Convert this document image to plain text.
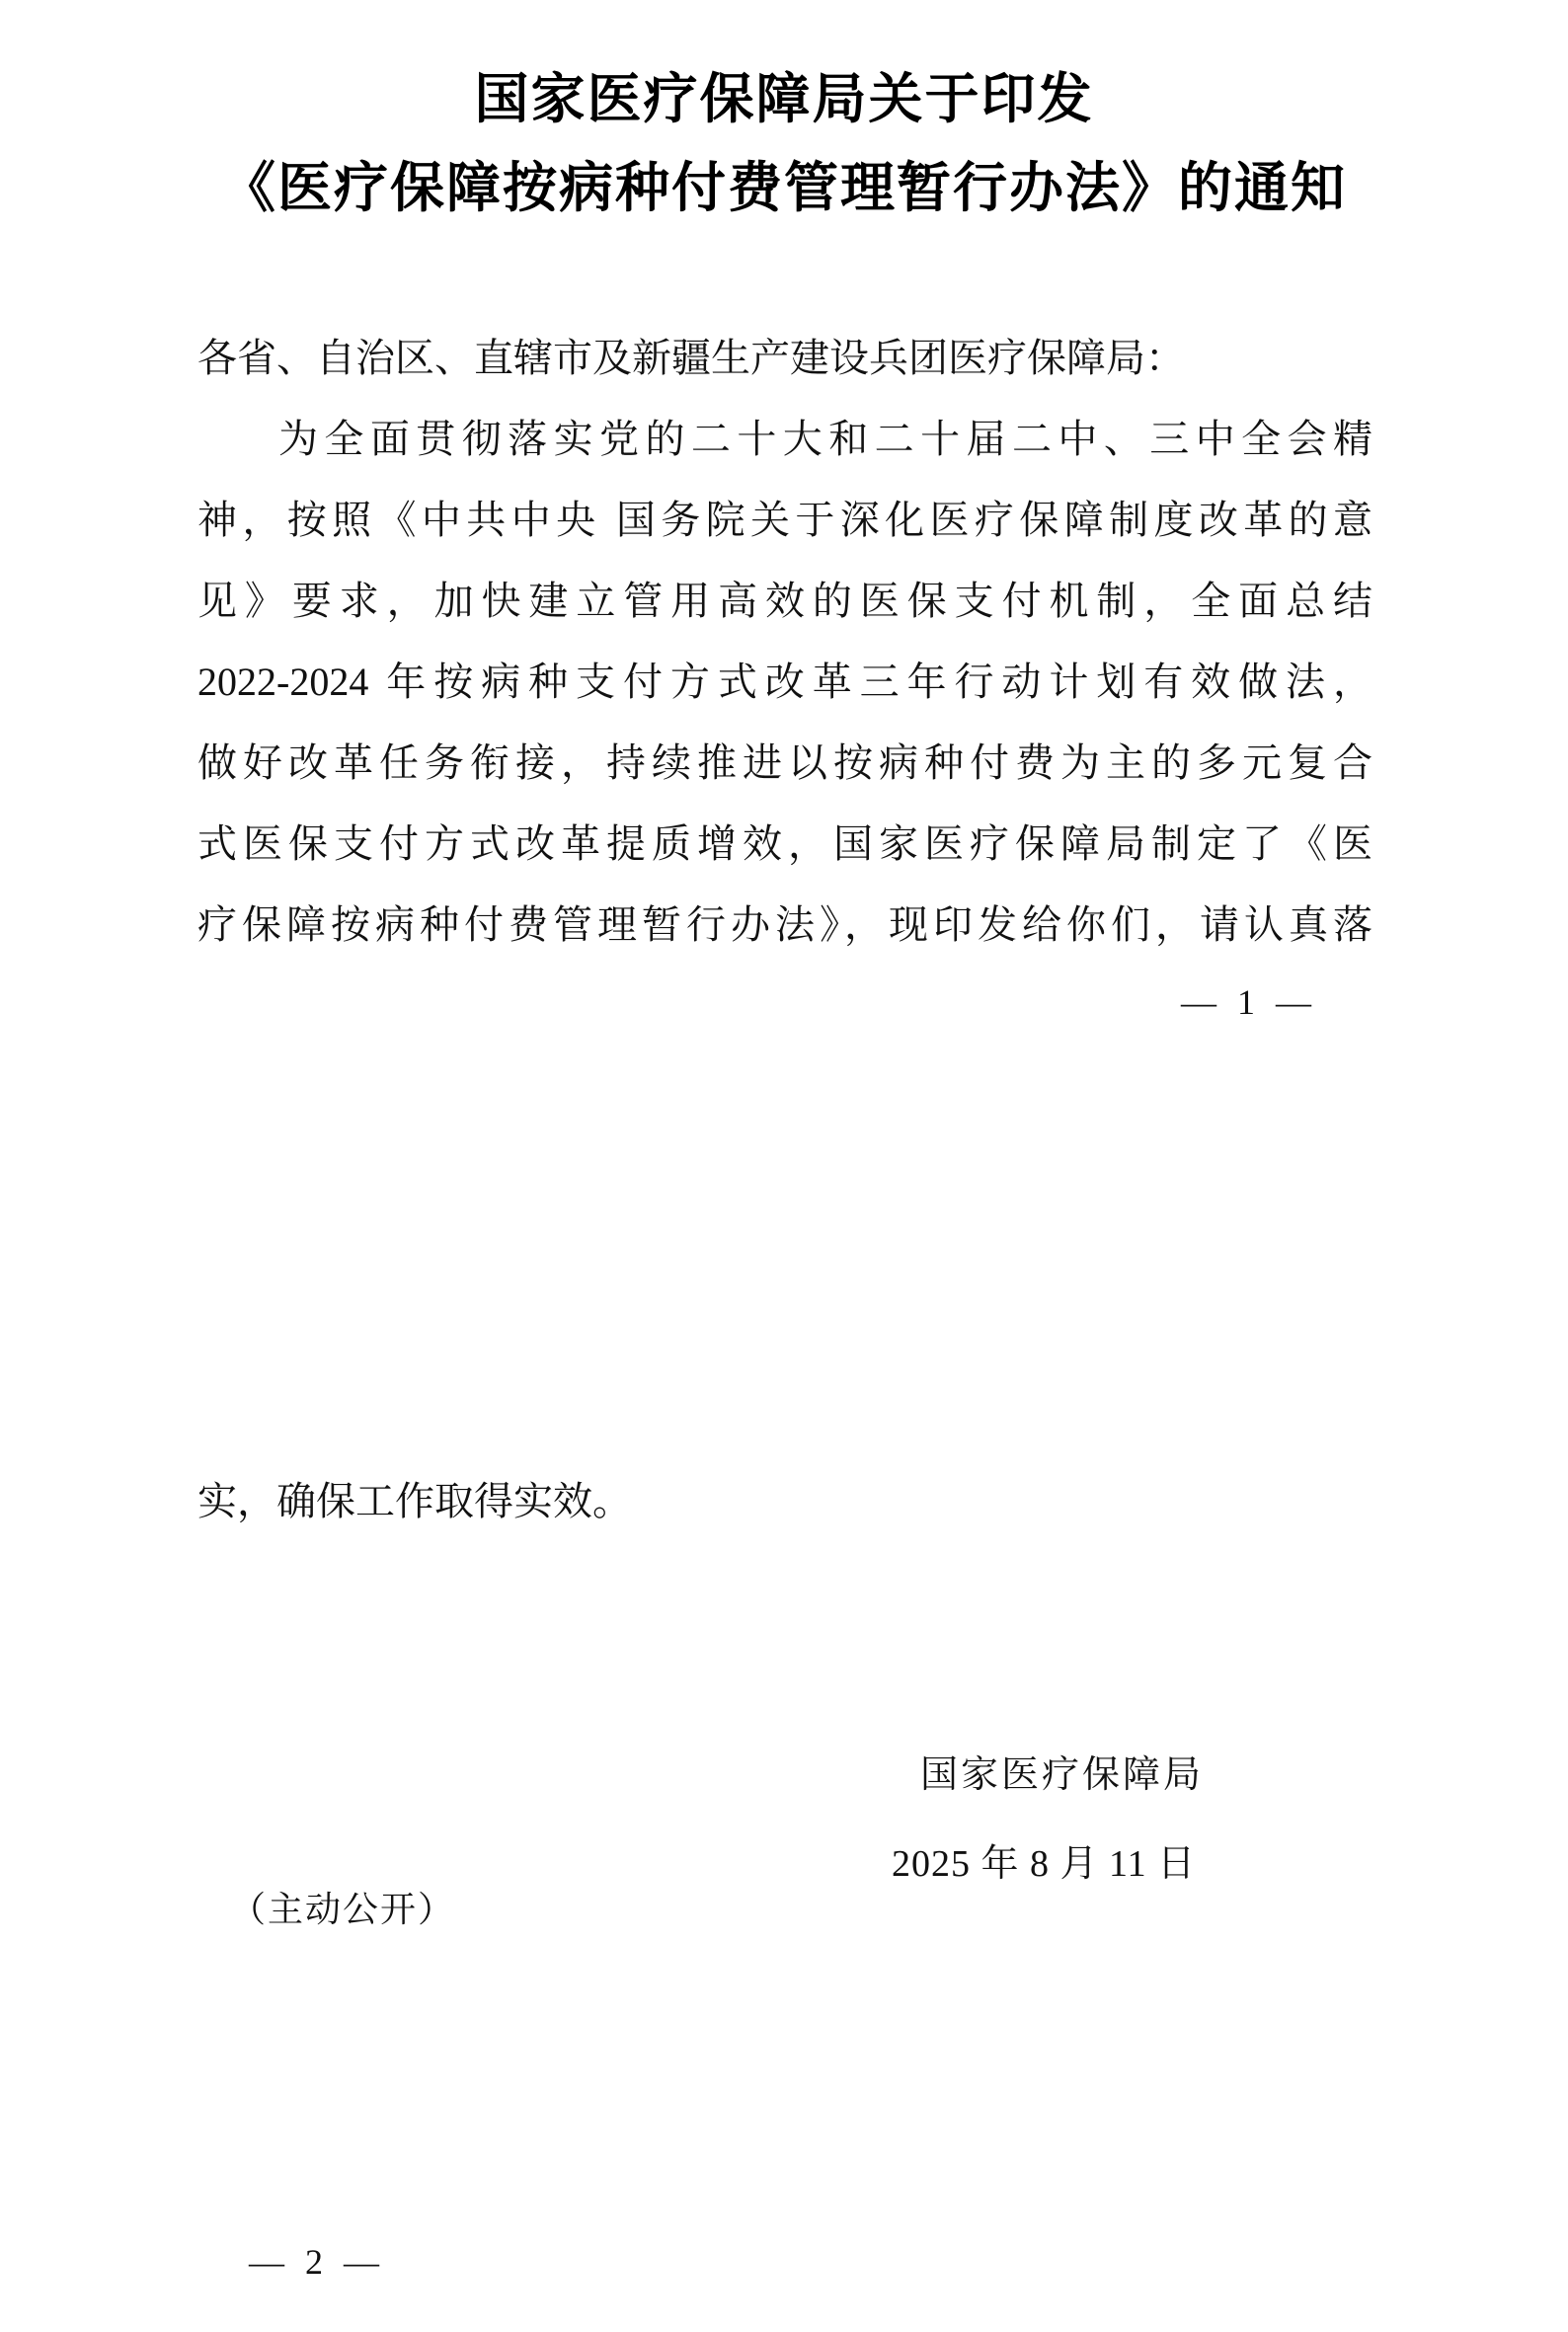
国家医疗保障局关于印发
《医疗保障按病种付费管理暂行办法》的通知
各省、自治区、直辖市及新疆生产建设兵团医疗保障局：
为全面贯彻落实党的二十大和二十届二中、三中全会精
神，按照《中共中央 国务院关于深化医疗保障制度改革的意
见》要求，加快建立管用高效的医保支付机制，全面总结
2022-2024 年按病种支付方式改革三年行动计划有效做法，
做好改革任务衔接，持续推进以按病种付费为主的多元复合
式医保支付方式改革提质增效，国家医疗保障局制定了《医
疗保障按病种付费管理暂行办法》，现印发给你们，请认真落
— 1 —
实，确保工作取得实效。
国家医疗保障局
2025 年 8 月 11 日
（主动公开）
— 2 —
